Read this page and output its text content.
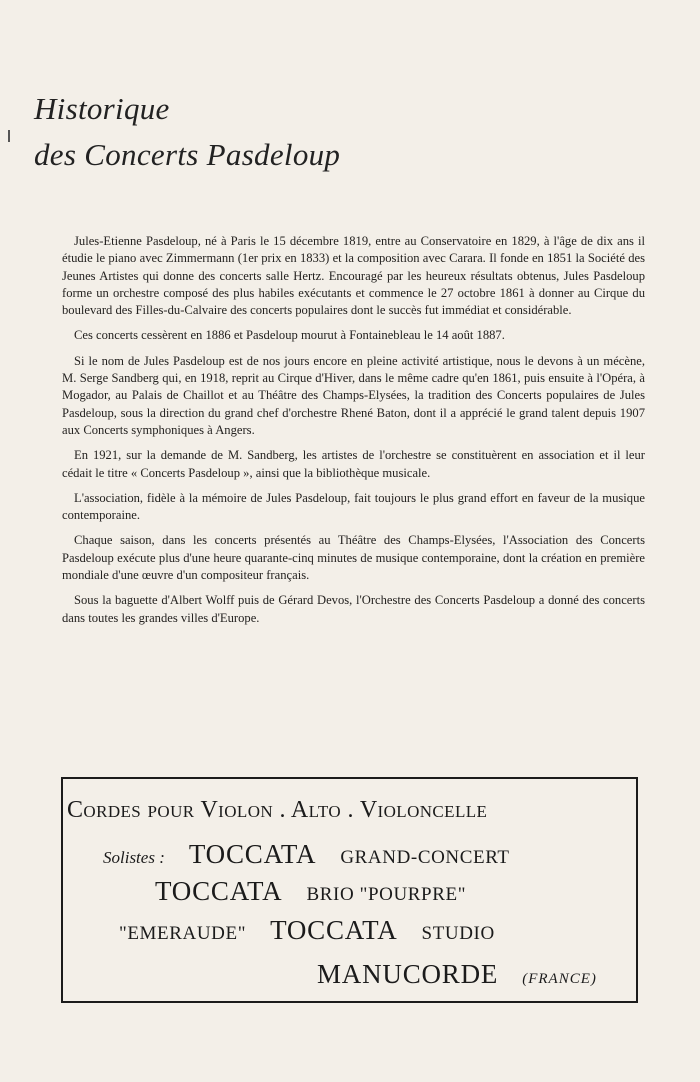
Historique
des Concerts Pasdeloup

Jules-Etienne Pasdeloup, né à Paris le 15 décembre 1819, entre au Conservatoire en 1829, à l'âge de dix ans il étudie le piano avec Zimmermann (1er prix en 1833) et la composition avec Carara. Il fonde en 1851 la Société des Jeunes Artistes qui donne des concerts salle Hertz. Encouragé par les heureux résultats obtenus, Jules Pasdeloup forme un orchestre composé des plus habiles exécutants et commence le 27 octobre 1861 à donner au Cirque du boulevard des Filles-du-Calvaire des concerts populaires dont le succès fut immédiat et considérable.

Ces concerts cessèrent en 1886 et Pasdeloup mourut à Fontainebleau le 14 août 1887.

Si le nom de Jules Pasdeloup est de nos jours encore en pleine activité artistique, nous le devons à un mécène, M. Serge Sandberg qui, en 1918, reprit au Cirque d'Hiver, dans le même cadre qu'en 1861, puis ensuite à l'Opéra, à Mogador, au Palais de Chaillot et au Théâtre des Champs-Elysées, la tradition des Concerts populaires de Jules Pasdeloup, sous la direction du grand chef d'orchestre Rhené Baton, dont il a apprécié le grand talent depuis 1907 aux Concerts symphoniques à Angers.

En 1921, sur la demande de M. Sandberg, les artistes de l'orchestre se constituèrent en association et il leur cédait le titre « Concerts Pasdeloup », ainsi que la bibliothèque musicale.

L'association, fidèle à la mémoire de Jules Pasdeloup, fait toujours le plus grand effort en faveur de la musique contemporaine.

Chaque saison, dans les concerts présentés au Théâtre des Champs-Elysées, l'Association des Concerts Pasdeloup exécute plus d'une heure quarante-cinq minutes de musique contemporaine, dont la création en première mondiale d'une œuvre d'un compositeur français.

Sous la baguette d'Albert Wolff puis de Gérard Devos, l'Orchestre des Concerts Pasdeloup a donné des concerts dans toutes les grandes villes d'Europe.

Cordes pour Violon . Alto . Violoncelle
Solistes : TOCCATA GRAND-CONCERT
TOCCATA BRIO "POURPRE"
"EMERAUDE" TOCCATA STUDIO
MANUCORDE (FRANCE)
